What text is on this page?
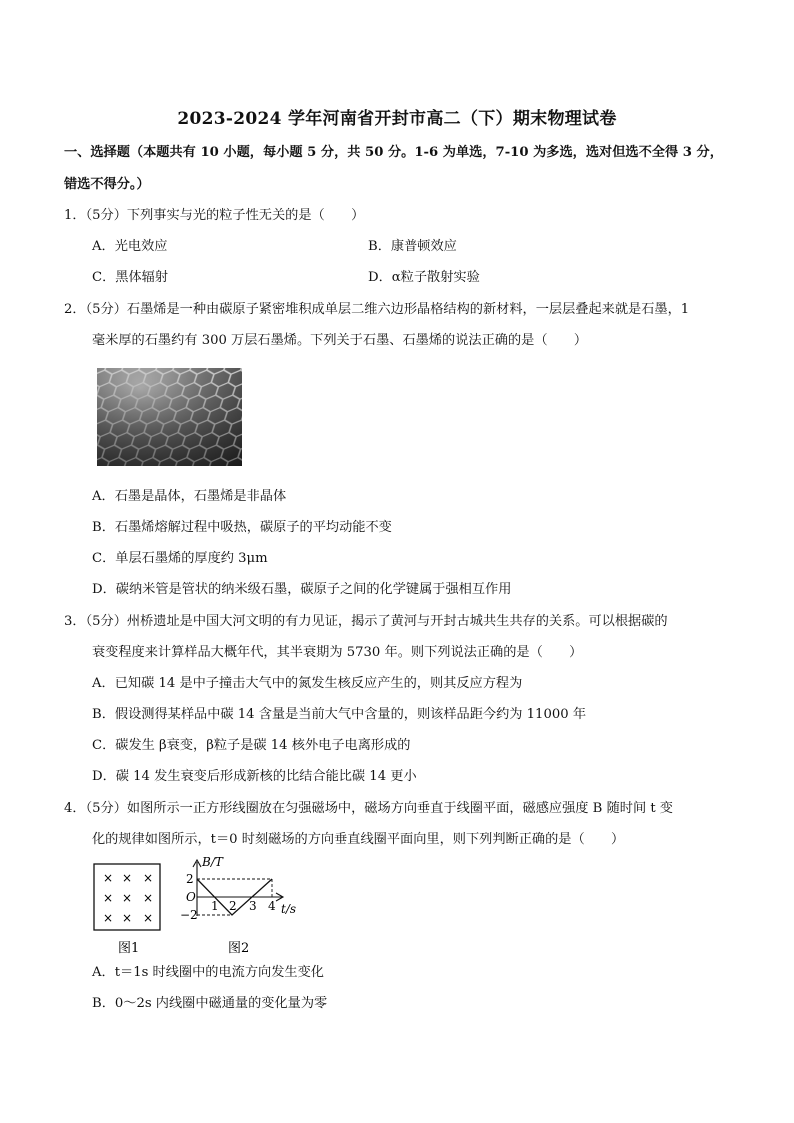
2023-2024 学年河南省开封市高二（下）期末物理试卷
一、选择题（本题共有 10 小题，每小题 5 分，共 50 分。1-6 为单选，7-10 为多选，选对但选不全得 3 分，
错选不得分。）
1．（5分）下列事实与光的粒子性无关的是（　　）
A．光电效应	B．康普顿效应
C．黑体辐射	D．α粒子散射实验
2．（5分）石墨烯是一种由碳原子紧密堆积成单层二维六边形晶格结构的新材料，一层层叠起来就是石墨，1
毫米厚的石墨约有 300 万层石墨烯。下列关于石墨、石墨烯的说法正确的是（　　）
A．石墨是晶体，石墨烯是非晶体
B．石墨烯熔解过程中吸热，碳原子的平均动能不变
C．单层石墨烯的厚度约 3μm
D．碳纳米管是管状的纳米级石墨，碳原子之间的化学键属于强相互作用
3．（5分）州桥遗址是中国大河文明的有力见证，揭示了黄河与开封古城共生共存的关系。可以根据碳的
衰变程度来计算样品大概年代，其半衰期为 5730 年。则下列说法正确的是（　　）
A．已知碳 14 是中子撞击大气中的氮发生核反应产生的，则其反应方程为
B．假设测得某样品中碳 14 含量是当前大气中含量的，则该样品距今约为 11000 年
C．碳发生 β衰变，β粒子是碳 14 核外电子电离形成的
D．碳 14 发生衰变后形成新核的比结合能比碳 14 更小
4．（5分）如图所示一正方形线圈放在匀强磁场中，磁场方向垂直于线圈平面，磁感应强度 B 随时间 t 变
化的规律如图所示，t＝0 时刻磁场的方向垂直线圈平面向里，则下列判断正确的是（　　）
× × ×
× × ×
× × ×
B/T
2
O
−2
1 2 3 4 t/s
图1	图2
A．t＝1s 时线圈中的电流方向发生变化
B．0～2s 内线圈中磁通量的变化量为零
